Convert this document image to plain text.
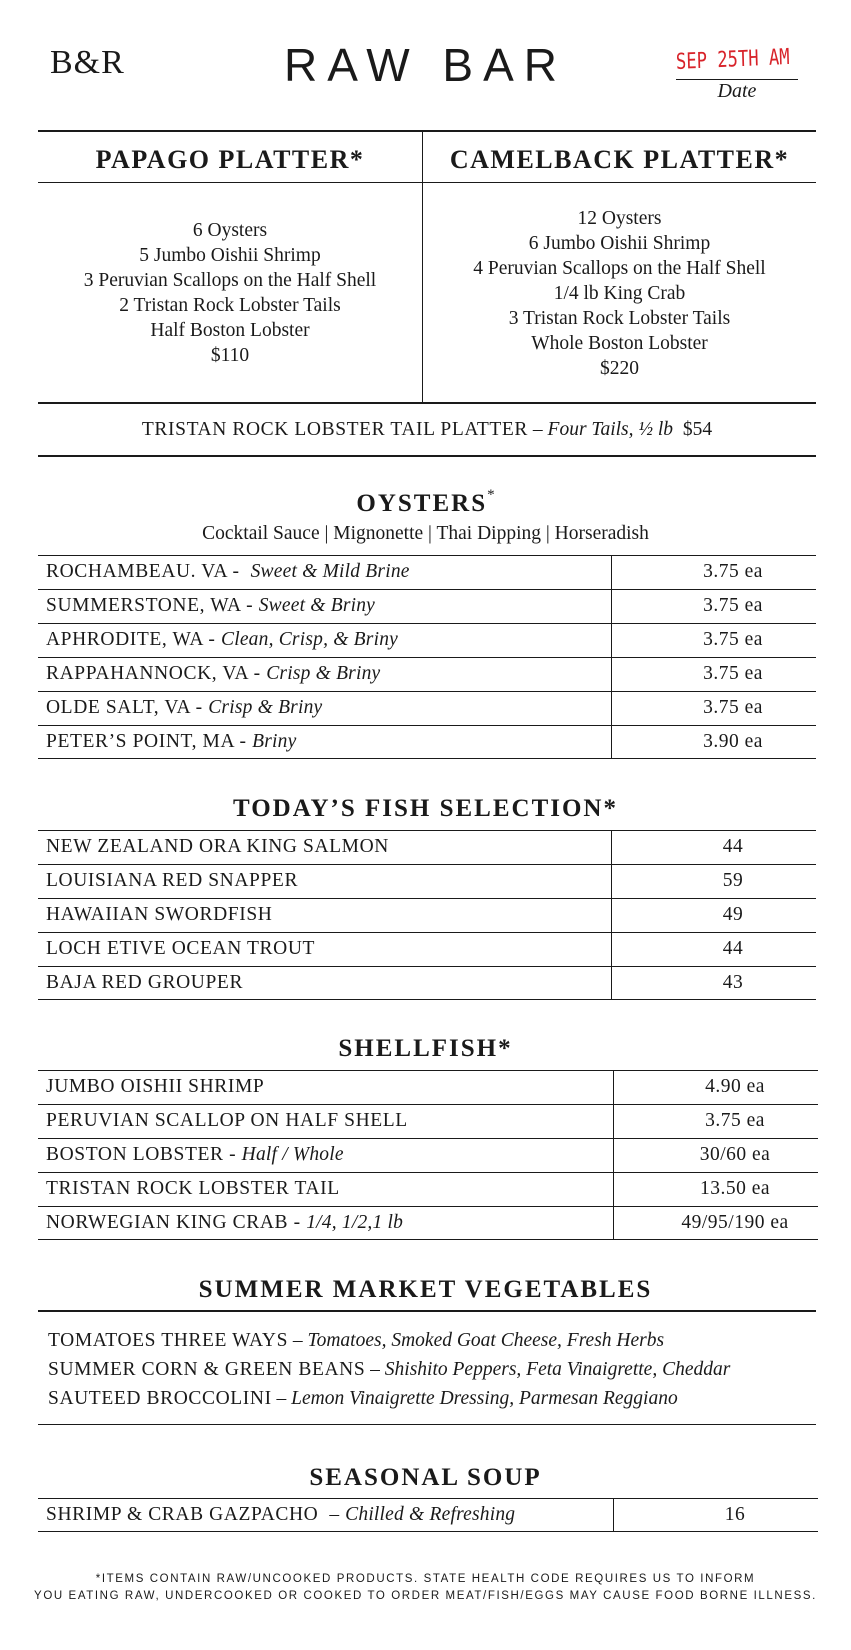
B&R	RAW BAR	SEP 25TH AM
Date
PAPAGO PLATTER*	CAMELBACK PLATTER*
6 Oysters
5 Jumbo Oishii Shrimp
3 Peruvian Scallops on the Half Shell
2 Tristan Rock Lobster Tails
Half Boston Lobster
$110
12 Oysters
6 Jumbo Oishii Shrimp
4 Peruvian Scallops on the Half Shell
1/4 lb King Crab
3 Tristan Rock Lobster Tails
Whole Boston Lobster
$220
TRISTAN ROCK LOBSTER TAIL PLATTER – Four Tails, ½ lb $54
OYSTERS*
Cocktail Sauce | Mignonette | Thai Dipping | Horseradish
ROCHAMBEAU. VA -  Sweet & Mild Brine	3.75 ea
SUMMERSTONE, WA - Sweet & Briny	3.75 ea
APHRODITE, WA - Clean, Crisp, & Briny	3.75 ea
RAPPAHANNOCK, VA - Crisp & Briny	3.75 ea
OLDE SALT, VA - Crisp & Briny	3.75 ea
PETER’S POINT, MA - Briny	3.90 ea
TODAY’S FISH SELECTION*
NEW ZEALAND ORA KING SALMON	44
LOUISIANA RED SNAPPER	59
HAWAIIAN SWORDFISH	49
LOCH ETIVE OCEAN TROUT	44
BAJA RED GROUPER	43
SHELLFISH*
JUMBO OISHII SHRIMP	4.90 ea
PERUVIAN SCALLOP ON HALF SHELL	3.75 ea
BOSTON LOBSTER - Half / Whole	30/60 ea
TRISTAN ROCK LOBSTER TAIL	13.50 ea
NORWEGIAN KING CRAB - 1/4, 1/2,1 lb	49/95/190 ea
SUMMER MARKET VEGETABLES
TOMATOES THREE WAYS – Tomatoes, Smoked Goat Cheese, Fresh Herbs
SUMMER CORN & GREEN BEANS – Shishito Peppers, Feta Vinaigrette, Cheddar
SAUTEED BROCCOLINI – Lemon Vinaigrette Dressing, Parmesan Reggiano
SEASONAL SOUP
SHRIMP & CRAB GAZPACHO  – Chilled & Refreshing	16
*ITEMS CONTAIN RAW/UNCOOKED PRODUCTS. STATE HEALTH CODE REQUIRES US TO INFORM
YOU EATING RAW, UNDERCOOKED OR COOKED TO ORDER MEAT/FISH/EGGS MAY CAUSE FOOD BORNE ILLNESS.
